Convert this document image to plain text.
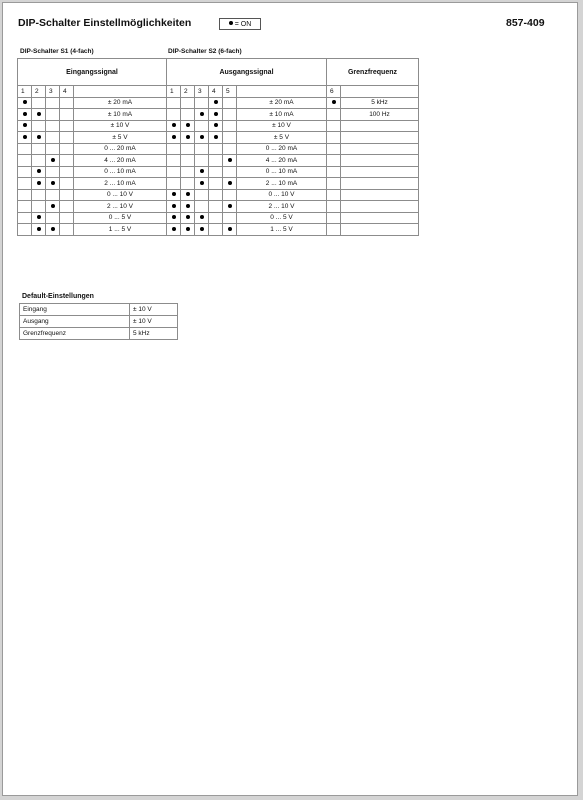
DIP-Schalter Einstellmöglichkeiten	= ON	857-409
DIP-Schalter S1 (4-fach)	DIP-Schalter S2 (6-fach)
Eingangssignal					Ausgangssignal						Grenzfrequenz	
1	2	3	4		1	2	3	4	5		6	
				± 20 mA						± 20 mA		5 kHz
				± 10 mA						± 10 mA		100 Hz
				± 10 V						± 10 V		
				± 5 V						± 5 V		
				0 ... 20 mA						0 ... 20 mA		
				4 ... 20 mA						4 ... 20 mA		
				0 ... 10 mA						0 ... 10 mA		
				2 ... 10 mA						2 ... 10 mA		
				0 ... 10 V						0 ... 10 V		
				2 ... 10 V						2 ... 10 V		
				0 ... 5 V						0 ... 5 V		
				1 ... 5 V						1 ... 5 V		
Default-Einstellungen
Eingang	± 10 V
Ausgang	± 10 V
Grenzfrequenz	5 kHz
